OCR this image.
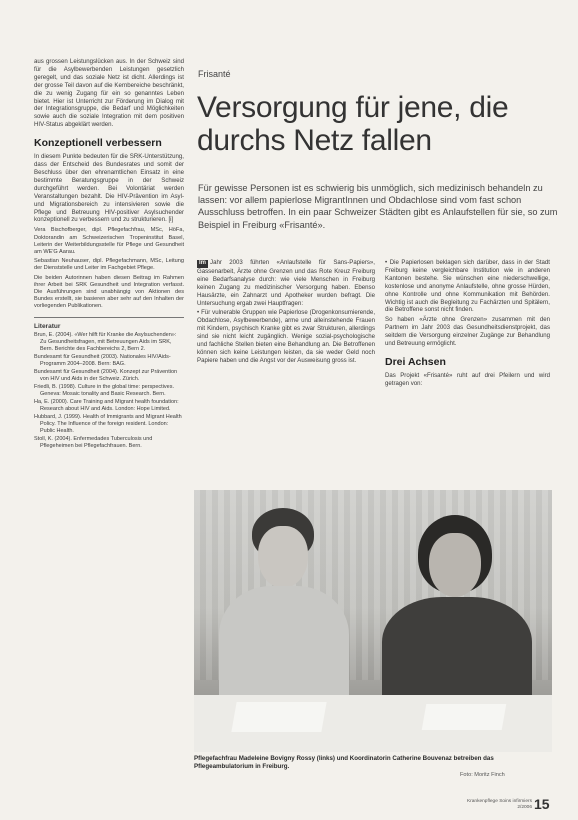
aus grossen Leistungslücken aus. In der Schweiz sind für die Asylbewerbenden Leistungen gesetzlich geregelt, und das soziale Netz ist dicht. Allerdings ist der grosse Teil davon auf die Kernbereiche beschränkt, die zu wenig Zugang für ein so genanntes Leben bietet. Hier ist Unterricht zur Förderung im Dialog mit der Integrationsgruppe, die Bedarf und Möglichkeiten sowie auch die soziale Integration mit dem positiven HIV-Status abgeklärt werden.

Konzeptionell verbessern

In diesem Punkte bedeuten für die SRK-Unterstützung, dass der Entscheid des Bundesrates und somit der Beschluss über den ehrenamtlichen Einsatz in eine bestimmte Beratungsgruppe in der Schweiz durchgeführt werden. Bei Volontäriat werden Veranstaltungen bezahlt. Die HIV-Prävention im Asyl- und Migrationsbereich zu intensivieren sowie die Pflege und Betreuung HIV-positiver Asylsuchender konzeptionell zu verbessern und zu strukturieren. [i]

Vera Bischofberger, dipl. Pflegefachfrau, MSc, HöFa, Doktorandin am Schweizerischen Tropeninstitut Basel, Leiterin der Weiterbildungsstelle für Pflege und Gesundheit am WE'G Aarau.

Sebastian Neuhauser, dipl. Pflegefachmann, MSc, Leitung der Dienststelle und Leiter im Fachgebiet Pflege.

Die beiden Autorinnen haben diesen Beitrag im Rahmen ihrer Arbeit bei SRK Gesundheit und Integration verfasst. Die Ausführungen sind unabhängig von Aktionen des Bundes erstellt, sie basieren aber sehr auf den Inhalten der vorliegenden Publikationen.

Literatur
Brun, E. (2004). «Wer hilft für Kranke die Asylsuchenden»: Zu Gesundheitsfragen, mit Betreuungen Aids im SRK, Bern. Berichte des Fachbereichs 2, Bern 2.
Bundesamt für Gesundheit (2003). Nationales HIV/Aids-Programm 2004–2008. Bern: BAG.
Bundesamt für Gesundheit (2004). Konzept zur Prävention von HIV und Aids in der Schweiz. Zürich.
Friedli, B. (1998). Culture in the global time: perspectives. Geneva: Mosaic tonality and Basic Research. Bern.
Ha, E. (2000). Care Training and Migrant health foundation: Research about HIV and Aids. London: Hope Limited.
Hubbard, J. (1999). Health of Immigrants and Migrant Health Policy. The Influence of the foreign resident. London: Public Health.
Stoll, K. (2004). Enfermedades Tuberculosis und Pflegeheimen bei Pflegefachfrauen. Bern.
Frisanté
Versorgung für jene, die durchs Netz fallen
Für gewisse Personen ist es schwierig bis unmöglich, sich medizinisch behandeln zu lassen: vor allem papierlose MigrantInnen und Obdachlose sind vom fast schon Ausschluss betroffen. In ein paar Schweizer Städten gibt es Anlaufstellen für sie, so zum Beispiel in Freiburg «Frisanté».

Im Jahr 2003 führten «Anlaufstelle für Sans-Papiers», Gassenarbeit, Ärzte ohne Grenzen und das Rote Kreuz Freiburg eine Bedarfsanalyse durch: wie viele Menschen in Freiburg keinen Zugang zu medizinischer Versorgung haben. Ebenso Hausärzte, ein Zahnarzt und Apotheker wurden befragt. Die Untersuchung ergab zwei Hauptfragen:

• Für vulnerable Gruppen wie Papierlose (Drogenkonsumierende, Obdachlose, Asylbewerbende), arme und alleinstehende Frauen mit Kindern, psychisch Kranke gibt es zwar Strukturen, allerdings sind sie nicht leicht zugänglich. Wenige sozial-psychologische und fachliche Stellen bieten eine Behandlung an. Die Betroffenen können sich keine Leistungen leisten, da sie weder Geld noch Papiere haben und die Angst vor der Ausweisung gross ist.

• Die Papierlosen beklagen sich darüber, dass in der Stadt Freiburg keine vergleichbare Institution wie in anderen Kantonen bestehe. Sie wünschen eine niederschwellige, kostenlose und anonyme Anlaufstelle, ohne grosse Hürden, ohne Kontrolle und ohne Kommunikation mit Behörden. Wichtig ist auch die Begleitung zu Fachärzten und Spitälern, die Betroffene sonst nicht finden.

So haben «Ärzte ohne Grenzen» zusammen mit den Partnern im Jahr 2003 das Gesundheitsdienstprojekt, das seitdem die Versorgung einzelner Zugänge zur Behandlung und Betreuung ermöglicht.

Drei Achsen

Das Projekt «Frisanté» ruht auf drei Pfeilern und wird getragen von:

Pflegefachfrau Madeleine Bovigny Rossy (links) und Koordinatorin Catherine Bouvenaz betreiben das Pflegeambulatorium in Freiburg.
Foto: Moritz Finch
Krankenpflege Soins infirmiers
2/2006 15
